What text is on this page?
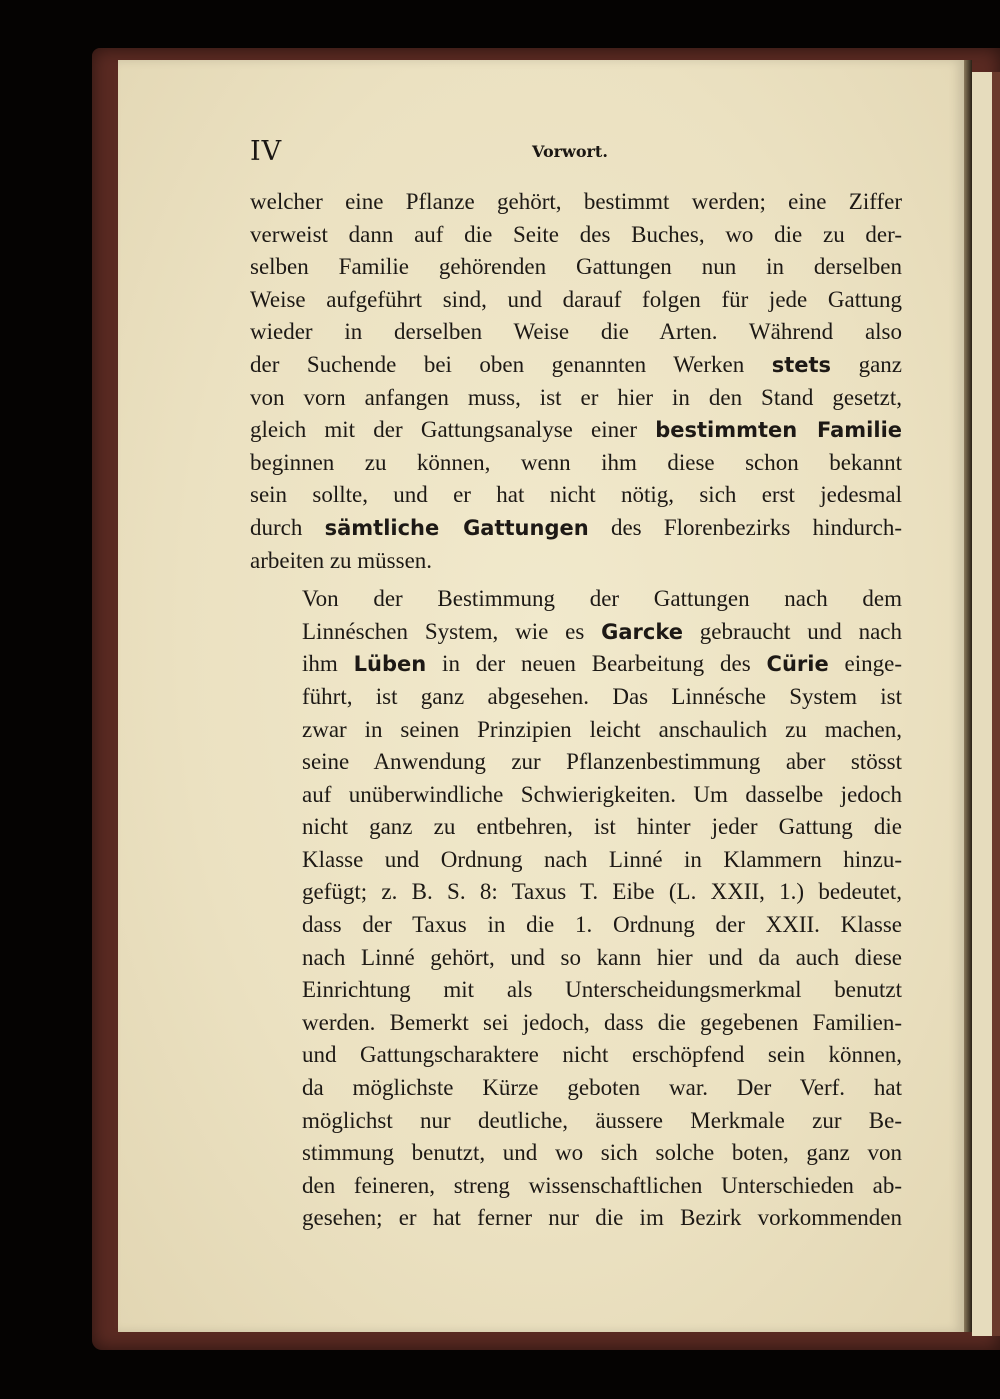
IV	Vorwort.

welcher eine Pflanze gehört, bestimmt werden; eine Ziffer
verweist dann auf die Seite des Buches, wo die zu der-
selben Familie gehörenden Gattungen nun in derselben
Weise aufgeführt sind, und darauf folgen für jede Gattung
wieder in derselben Weise die Arten. Während also
der Suchende bei oben genannten Werken stets ganz
von vorn anfangen muss, ist er hier in den Stand gesetzt,
gleich mit der Gattungsanalyse einer bestimmten Familie
beginnen zu können, wenn ihm diese schon bekannt
sein sollte, und er hat nicht nötig, sich erst jedesmal
durch sämtliche Gattungen des Florenbezirks hindurch-
arbeiten zu müssen.

Von der Bestimmung der Gattungen nach dem
Linnéschen System, wie es Garcke gebraucht und nach
ihm Lüben in der neuen Bearbeitung des Cürie einge-
führt, ist ganz abgesehen. Das Linnésche System ist
zwar in seinen Prinzipien leicht anschaulich zu machen,
seine Anwendung zur Pflanzenbestimmung aber stösst
auf unüberwindliche Schwierigkeiten. Um dasselbe jedoch
nicht ganz zu entbehren, ist hinter jeder Gattung die
Klasse und Ordnung nach Linné in Klammern hinzu-
gefügt; z. B. S. 8: Taxus T. Eibe (L. XXII, 1.) bedeutet,
dass der Taxus in die 1. Ordnung der XXII. Klasse
nach Linné gehört, und so kann hier und da auch diese
Einrichtung mit als Unterscheidungsmerkmal benutzt
werden. Bemerkt sei jedoch, dass die gegebenen Familien-
und Gattungscharaktere nicht erschöpfend sein können,
da möglichste Kürze geboten war. Der Verf. hat
möglichst nur deutliche, äussere Merkmale zur Be-
stimmung benutzt, und wo sich solche boten, ganz von
den feineren, streng wissenschaftlichen Unterschieden ab-
gesehen; er hat ferner nur die im Bezirk vorkommenden
